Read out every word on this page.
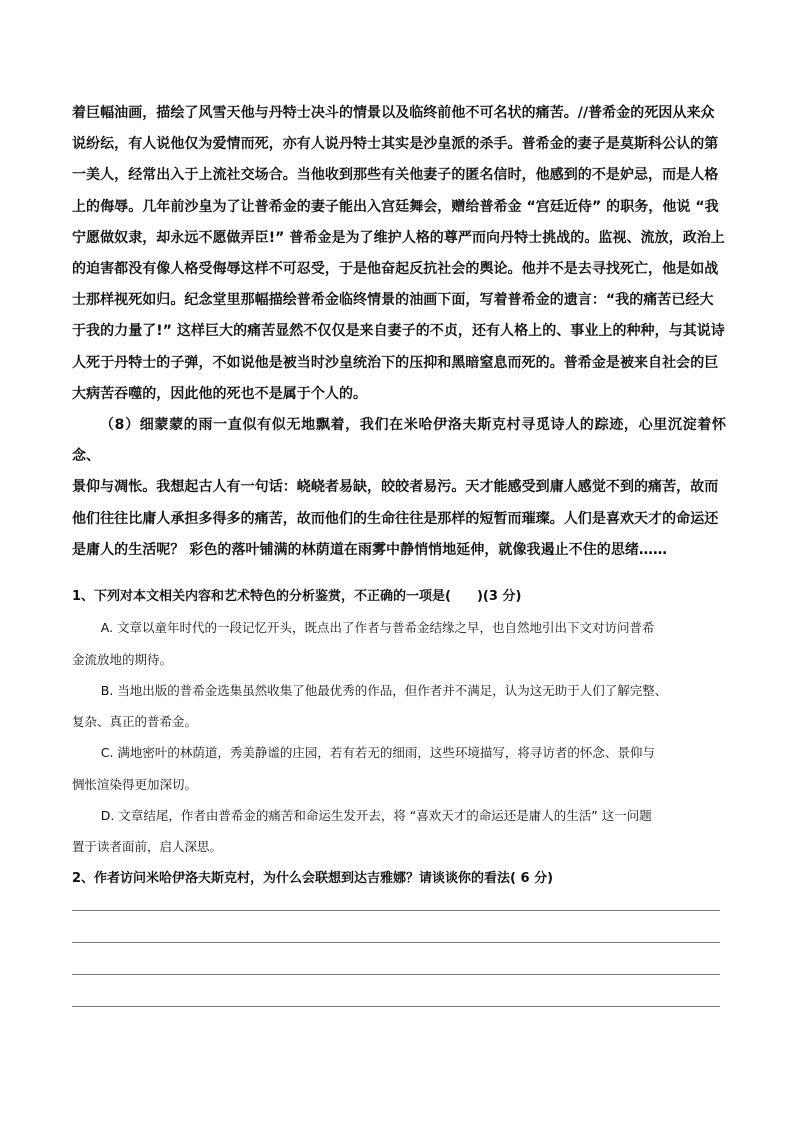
着巨幅油画，描绘了风雪天他与丹特士决斗的情景以及临终前他不可名状的痛苦。//普希金的死因从来众
说纷纭，有人说他仅为爱情而死，亦有人说丹特士其实是沙皇派的杀手。普希金的妻子是莫斯科公认的第
一美人，经常出入于上流社交场合。当他收到那些有关他妻子的匿名信时，他感到的不是妒忌，而是人格
上的侮辱。几年前沙皇为了让普希金的妻子能出入宫廷舞会，赠给普希金 “宫廷近侍” 的职务，他说 “我
宁愿做奴隶，却永远不愿做弄臣!” 普希金是为了维护人格的尊严而向丹特士挑战的。监视、流放，政治上
的迫害都没有像人格受侮辱这样不可忍受，于是他奋起反抗社会的舆论。他并不是去寻找死亡，他是如战
士那样视死如归。纪念堂里那幅描绘普希金临终情景的油画下面，写着普希金的遗言：“我的痛苦已经大
于我的力量了!” 这样巨大的痛苦显然不仅仅是来自妻子的不贞，还有人格上的、事业上的种种，与其说诗
人死于丹特士的子弹，不如说他是被当时沙皇统治下的压抑和黑暗窒息而死的。普希金是被来自社会的巨
大病苦吞噬的，因此他的死也不是属于个人的。

（8）细蒙蒙的雨一直似有似无地飘着，我们在米哈伊洛夫斯克村寻觅诗人的踪迹，心里沉淀着怀念、
景仰与凋怅。我想起古人有一句话：峣峣者易缺，皎皎者易污。天才能感受到庸人感觉不到的痛苦，故而
他们往往比庸人承担多得多的痛苦，故而他们的生命往往是那样的短暂而璀璨。人们是喜欢天才的命运还
是庸人的生活呢？ 彩色的落叶铺满的林荫道在雨雾中静悄悄地延伸，就像我遏止不住的思绪……

1、下列对本文相关内容和艺术特色的分析鉴赏，不正确的一项是(　　)(3 分)

A. 文章以童年时代的一段记忆开头，既点出了作者与普希金结缘之早，也自然地引出下文对访问普希
金流放地的期待。

B. 当地出版的普希金选集虽然收集了他最优秀的作品，但作者并不满足，认为这无助于人们了解完整、
复杂、真正的普希金。

C. 满地密叶的林荫道，秀美静谧的庄园，若有若无的细雨，这些环境描写，将寻访者的怀念、景仰与
惆怅渲染得更加深切。

D. 文章结尾，作者由普希金的痛苦和命运生发开去，将 “喜欢天才的命运还是庸人的生活” 这一问题
置于读者面前，启人深思。

2、作者访问米哈伊洛夫斯克村，为什么会联想到达吉雅娜？请谈谈你的看法( 6 分)
